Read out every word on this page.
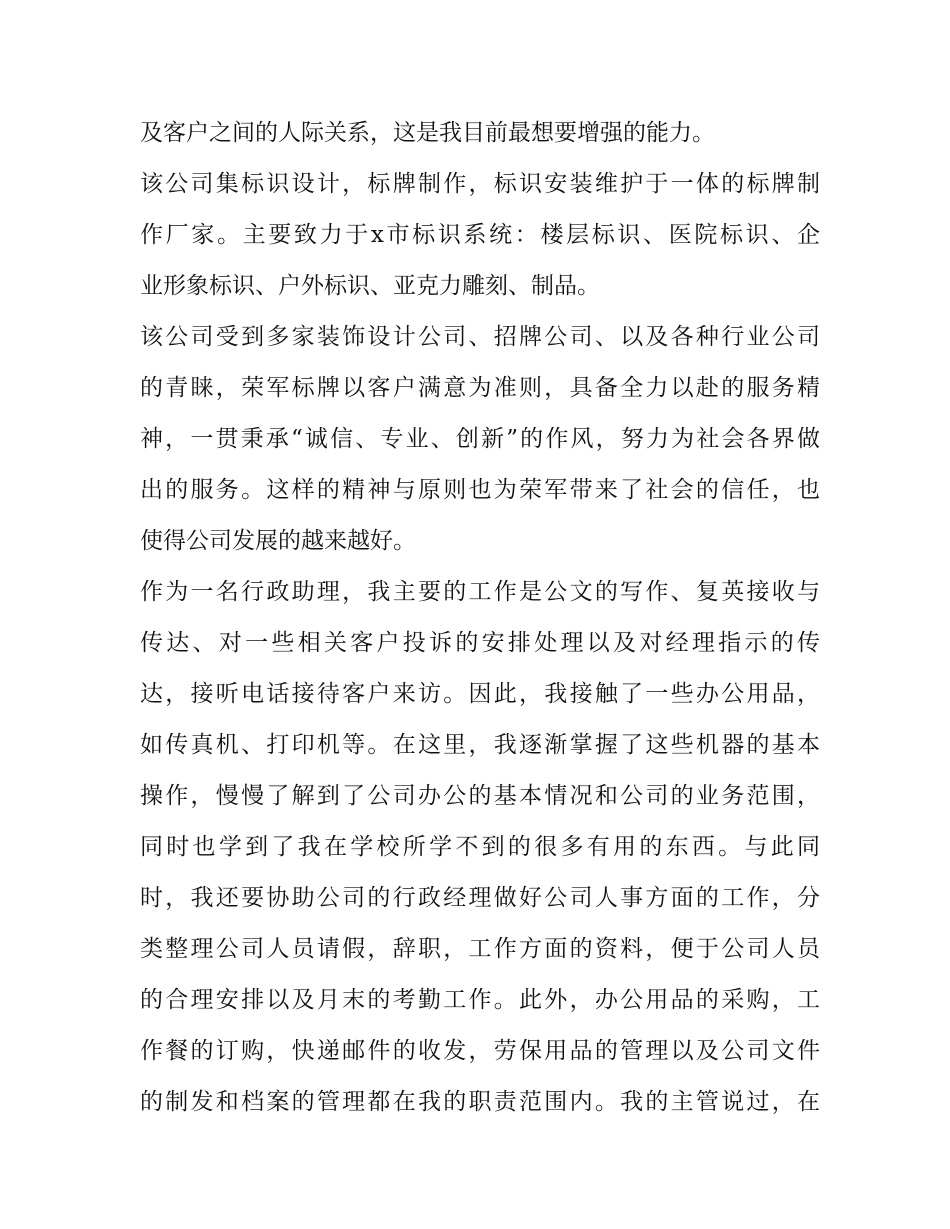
及客户之间的人际关系，这是我目前最想要增强的能力。
该公司集标识设计，标牌制作，标识安装维护于一体的标牌制
作厂家。主要致力于x市标识系统：楼层标识、医院标识、企
业形象标识、户外标识、亚克力雕刻、制品。
该公司受到多家装饰设计公司、招牌公司、以及各种行业公司
的青睐，荣军标牌以客户满意为准则，具备全力以赴的服务精
神，一贯秉承“诚信、专业、创新”的作风，努力为社会各界做
出的服务。这样的精神与原则也为荣军带来了社会的信任，也
使得公司发展的越来越好。
作为一名行政助理，我主要的工作是公文的写作、复英接收与
传达、对一些相关客户投诉的安排处理以及对经理指示的传
达，接听电话接待客户来访。因此，我接触了一些办公用品，
如传真机、打印机等。在这里，我逐渐掌握了这些机器的基本
操作，慢慢了解到了公司办公的基本情况和公司的业务范围，
同时也学到了我在学校所学不到的很多有用的东西。与此同
时，我还要协助公司的行政经理做好公司人事方面的工作，分
类整理公司人员请假，辞职，工作方面的资料，便于公司人员
的合理安排以及月末的考勤工作。此外，办公用品的采购，工
作餐的订购，快递邮件的收发，劳保用品的管理以及公司文件
的制发和档案的管理都在我的职责范围内。我的主管说过，在
